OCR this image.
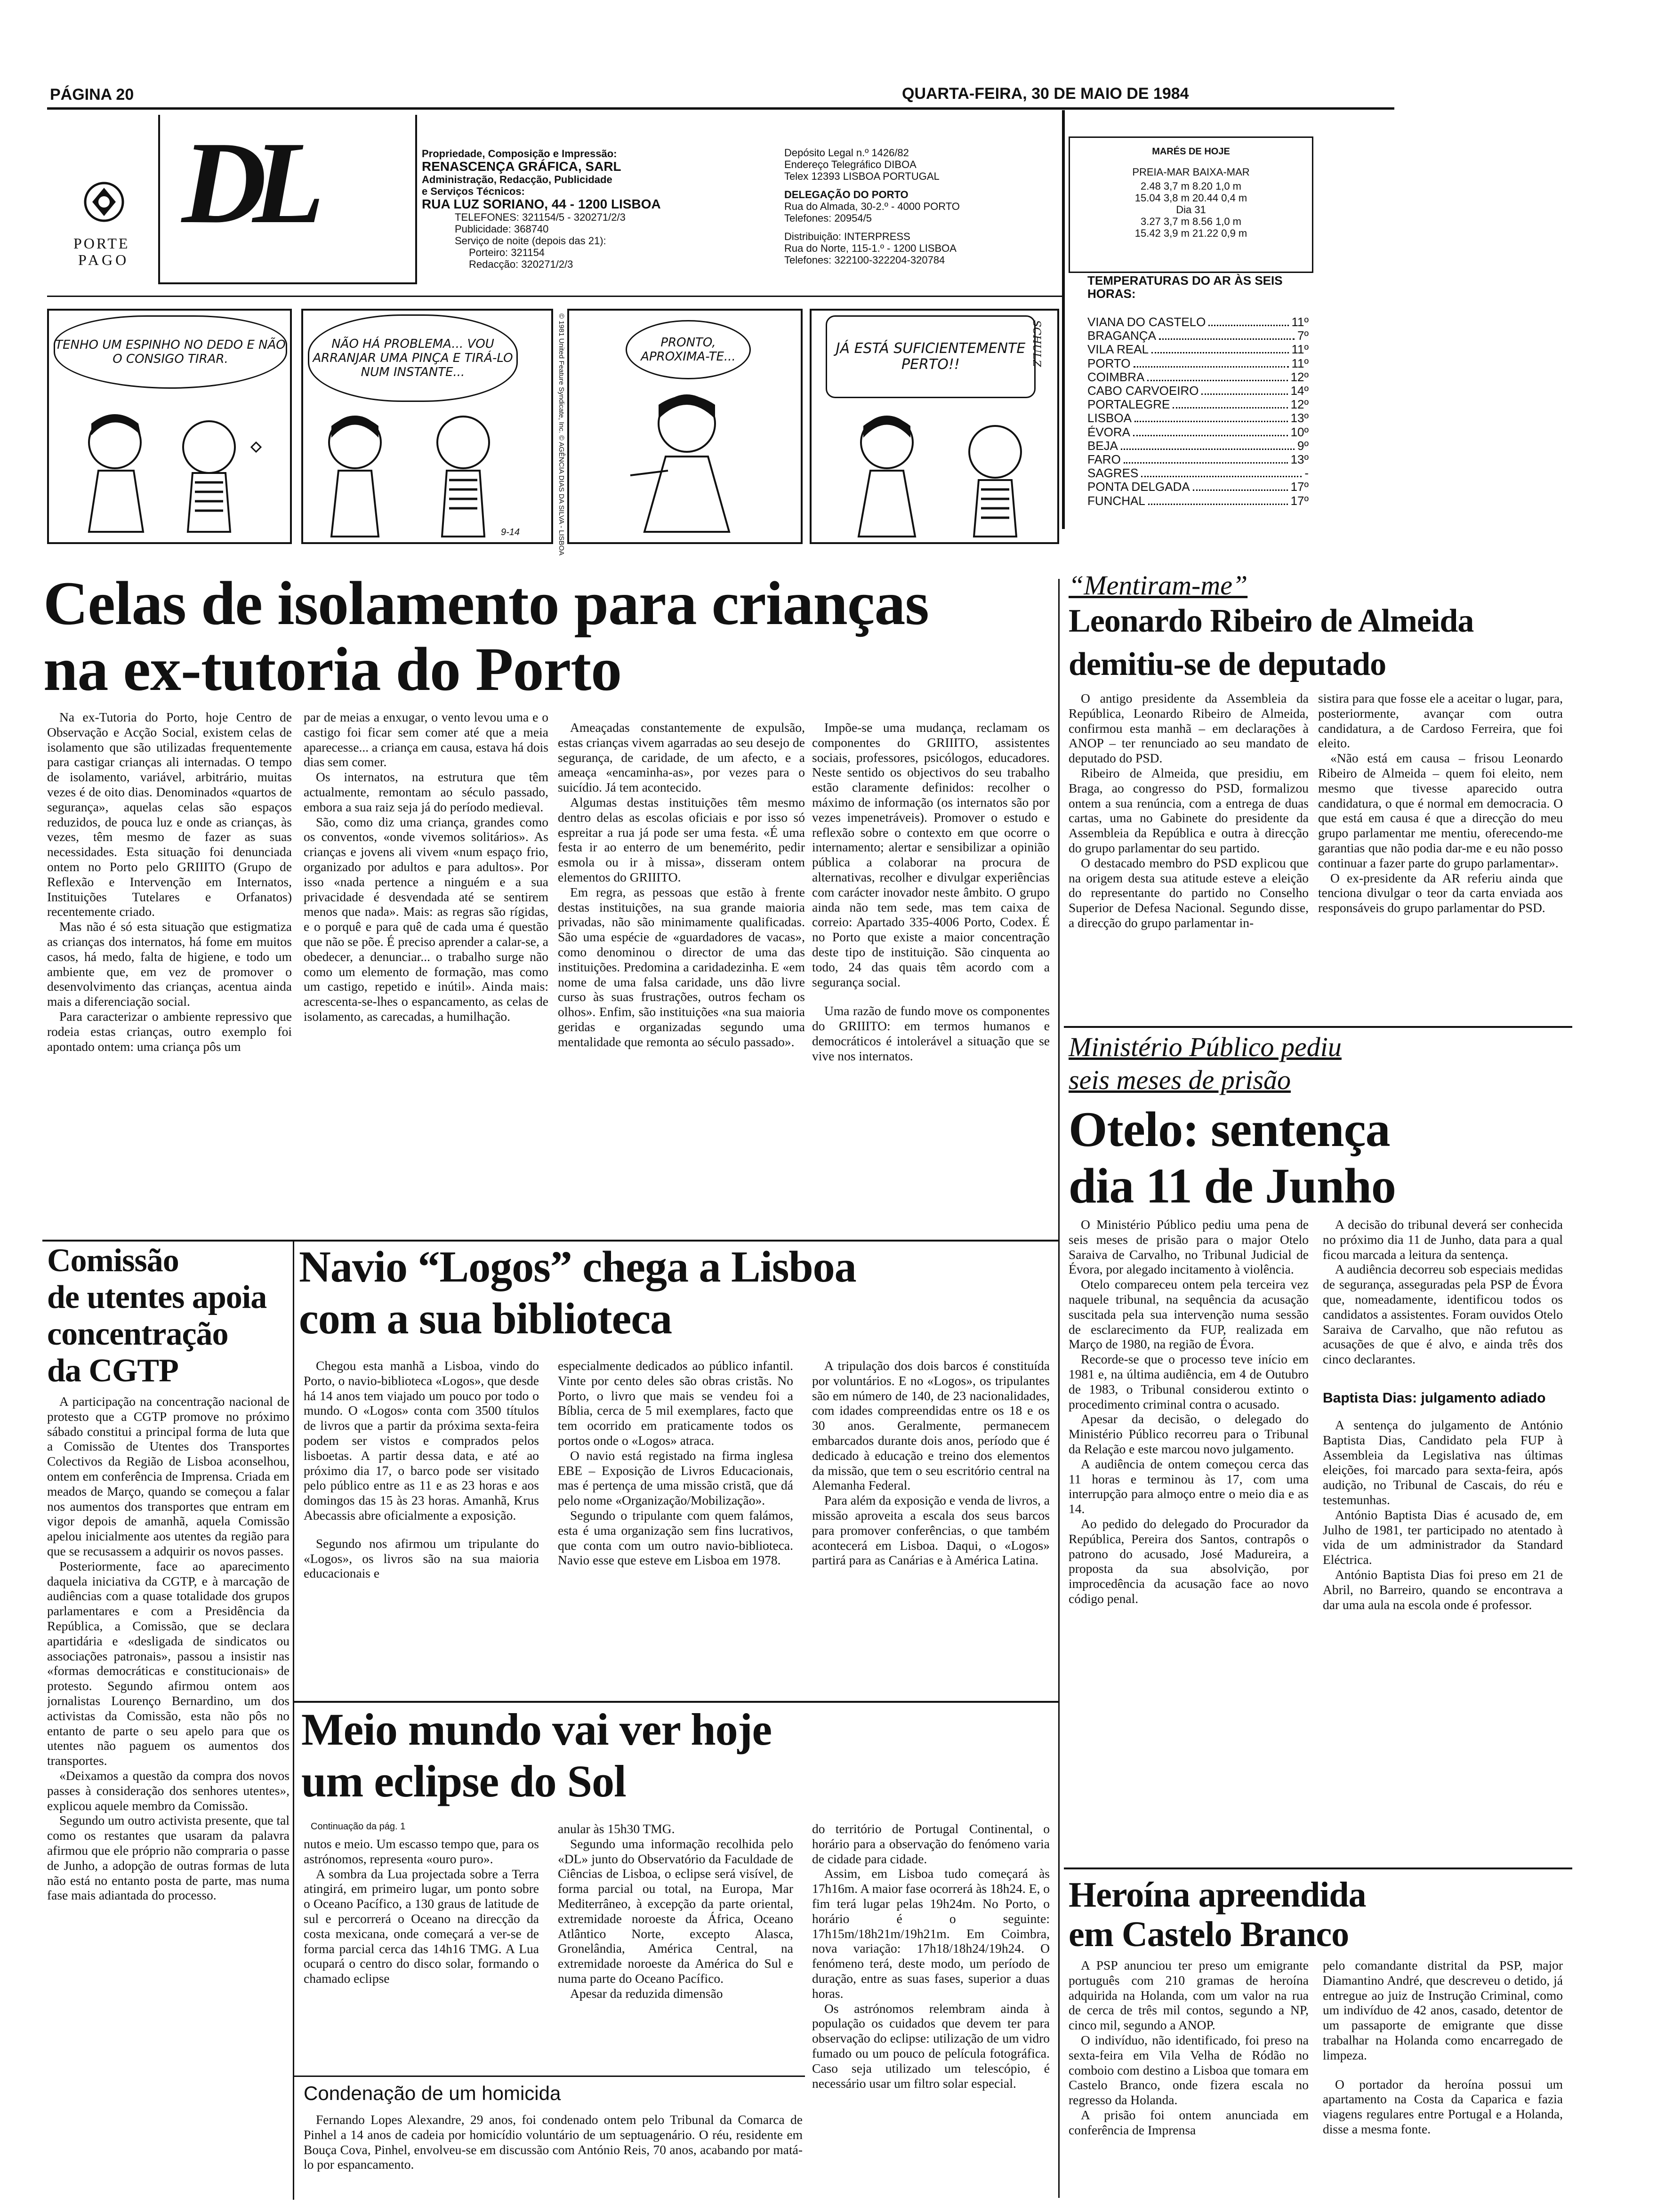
PÁGINA 20	QUARTA-FEIRA, 30 DE MAIO DE 1984
DL
PORTE
PAGO
Propriedade, Composição e Impressão:
RENASCENÇA GRÁFICA, SARL
Administração, Redacção, Publicidade
e Serviços Técnicos:
RUA LUZ SORIANO, 44 - 1200 LISBOA
TELEFONES: 321154/5 - 320271/2/3
Publicidade: 368740
Serviço de noite (depois das 21):
Porteiro: 321154
Redacção: 320271/2/3
Depósito Legal n.º 1426/82
Endereço Telegráfico DIBOA
Telex 12393 LISBOA PORTUGAL
DELEGAÇÃO DO PORTO
Rua do Almada, 30-2.º - 4000 PORTO
Telefones: 20954/5
Distribuição: INTERPRESS
Rua do Norte, 115-1.º - 1200 LISBOA
Telefones: 322100-322204-320784
MARÉS DE HOJE
PREIA-MAR BAIXA-MAR
2.48 3,7 m 8.20 1,0 m
15.04 3,8 m 20.44 0,4 m
Dia 31
3.27 3,7 m 8.56 1,0 m
15.42 3,9 m 21.22 0,9 m
TEMPERATURAS DO AR ÀS SEIS HORAS:
VIANA DO CASTELO	11º
BRAGANÇA	7º
VILA REAL	11º
PORTO	11º
COIMBRA	12º
CABO CARVOEIRO	14º
PORTALEGRE	12º
LISBOA	13º
ÉVORA	10º
BEJA	9º
FARO	13º
SAGRES	-
PONTA DELGADA	17º
FUNCHAL	17º
TENHO UM ESPINHO NO DEDO E NÃO O CONSIGO TIRAR.
NÃO HÁ PROBLEMA... VOU ARRANJAR UMA PINÇA E TIRÁ-LO NUM INSTANTE...
9-14	© 1981 United Feature Syndicate, Inc. © AGÊNCIA DIAS DA SILVA - LISBOA	PRONTO, APROXIMA-TE...	JÁ ESTÁ SUFICIENTEMENTE PERTO!!	SCHULZ
Celas de isolamento para crianças
na ex-tutoria do Porto

Na ex-Tutoria do Porto, hoje Centro de Observação e Acção Social, existem celas de isolamento que são utilizadas frequentemente para castigar crianças ali internadas. O tempo de isolamento, variável, arbitrário, muitas vezes é de oito dias. Denominados «quartos de segurança», aquelas celas são espaços reduzidos, de pouca luz e onde as crianças, às vezes, têm mesmo de fazer as suas necessidades. Esta situação foi denunciada ontem no Porto pelo GRIIITO (Grupo de Reflexão e Intervenção em Internatos, Instituições Tutelares e Orfanatos) recentemente criado.

Mas não é só esta situação que estigmatiza as crianças dos internatos, há fome em muitos casos, há medo, falta de higiene, e todo um ambiente que, em vez de promover o desenvolvimento das crianças, acentua ainda mais a diferenciação social.

Para caracterizar o ambiente repressivo que rodeia estas crianças, outro exemplo foi apontado ontem: uma criança pôs um

par de meias a enxugar, o vento levou uma e o castigo foi ficar sem comer até que a meia aparecesse... a criança em causa, estava há dois dias sem comer.

Os internatos, na estrutura que têm actualmente, remontam ao século passado, embora a sua raiz seja já do período medieval.

São, como diz uma criança, grandes como os conventos, «onde vivemos solitários». As crianças e jovens ali vivem «num espaço frio, organizado por adultos e para adultos». Por isso «nada pertence a ninguém e a sua privacidade é desvendada até se sentirem menos que nada». Mais: as regras são rígidas, e o porquê e para quê de cada uma é questão que não se põe. É preciso aprender a calar-se, a obedecer, a denunciar... o trabalho surge não como um elemento de formação, mas como um castigo, repetido e inútil». Ainda mais: acrescenta-se-lhes o espancamento, as celas de isolamento, as carecadas, a humilhação.

Ameaçadas constantemente de expulsão, estas crianças vivem agarradas ao seu desejo de segurança, de caridade, de um afecto, e a ameaça «encaminha-as», por vezes para o suicídio. Já tem acontecido.

Algumas destas instituições têm mesmo dentro delas as escolas oficiais e por isso só espreitar a rua já pode ser uma festa. «É uma festa ir ao enterro de um benemérito, pedir esmola ou ir à missa», disseram ontem elementos do GRIIITO.

Em regra, as pessoas que estão à frente destas instituições, na sua grande maioria privadas, não são minimamente qualificadas. São uma espécie de «guardadores de vacas», como denominou o director de uma das instituições. Predomina a caridadezinha. E «em nome de uma falsa caridade, uns dão livre curso às suas frustrações, outros fecham os olhos». Enfim, são instituições «na sua maioria geridas e organizadas segundo uma mentalidade que remonta ao século passado».

Impõe-se uma mudança, reclamam os componentes do GRIIITO, assistentes sociais, professores, psicólogos, educadores. Neste sentido os objectivos do seu trabalho estão claramente definidos: recolher o máximo de informação (os internatos são por vezes impenetráveis). Promover o estudo e reflexão sobre o contexto em que ocorre o internamento; alertar e sensibilizar a opinião pública a colaborar na procura de alternativas, recolher e divulgar experiências com carácter inovador neste âmbito. O grupo ainda não tem sede, mas tem caixa de correio: Apartado 335-4006 Porto, Codex. É no Porto que existe a maior concentração deste tipo de instituição. São cinquenta ao todo, 24 das quais têm acordo com a segurança social.

Uma razão de fundo move os componentes do GRIIITO: em termos humanos e democráticos é intolerável a situação que se vive nos internatos.

“Mentiram-me”
Leonardo Ribeiro de Almeida
demitiu-se de deputado

O antigo presidente da Assembleia da República, Leonardo Ribeiro de Almeida, confirmou esta manhã – em declarações à ANOP – ter renunciado ao seu mandato de deputado do PSD.

Ribeiro de Almeida, que presidiu, em Braga, ao congresso do PSD, formalizou ontem a sua renúncia, com a entrega de duas cartas, uma no Gabinete do presidente da Assembleia da República e outra à direcção do grupo parlamentar do seu partido.

O destacado membro do PSD explicou que na origem desta sua atitude esteve a eleição do representante do partido no Conselho Superior de Defesa Nacional. Segundo disse, a direcção do grupo parlamentar in-

sistira para que fosse ele a aceitar o lugar, para, posteriormente, avançar com outra candidatura, a de Cardoso Ferreira, que foi eleito.

«Não está em causa – frisou Leonardo Ribeiro de Almeida – quem foi eleito, nem mesmo que tivesse aparecido outra candidatura, o que é normal em democracia. O que está em causa é que a direcção do meu grupo parlamentar me mentiu, oferecendo-me garantias que não podia dar-me e eu não posso continuar a fazer parte do grupo parlamentar».

O ex-presidente da AR referiu ainda que tenciona divulgar o teor da carta enviada aos responsáveis do grupo parlamentar do PSD.

Ministério Público pediu
seis meses de prisão
Otelo: sentença
dia 11 de Junho

O Ministério Público pediu uma pena de seis meses de prisão para o major Otelo Saraiva de Carvalho, no Tribunal Judicial de Évora, por alegado incitamento à violência.

Otelo compareceu ontem pela terceira vez naquele tribunal, na sequência da acusação suscitada pela sua intervenção numa sessão de esclarecimento da FUP, realizada em Março de 1980, na região de Évora.

Recorde-se que o processo teve início em 1981 e, na última audiência, em 4 de Outubro de 1983, o Tribunal considerou extinto o procedimento criminal contra o acusado.

Apesar da decisão, o delegado do Ministério Público recorreu para o Tribunal da Relação e este marcou novo julgamento.

A audiência de ontem começou cerca das 11 horas e terminou às 17, com uma interrupção para almoço entre o meio dia e as 14.

Ao pedido do delegado do Procurador da República, Pereira dos Santos, contrapôs o patrono do acusado, José Madureira, a proposta da sua absolvição, por improcedência da acusação face ao novo código penal.

A decisão do tribunal deverá ser conhecida no próximo dia 11 de Junho, data para a qual ficou marcada a leitura da sentença.

A audiência decorreu sob especiais medidas de segurança, asseguradas pela PSP de Évora que, nomeadamente, identificou todos os candidatos a assistentes. Foram ouvidos Otelo Saraiva de Carvalho, que não refutou as acusações de que é alvo, e ainda três dos cinco declarantes.

Baptista Dias: julgamento adiado

A sentença do julgamento de António Baptista Dias, Candidato pela FUP à Assembleia da Legislativa nas últimas eleições, foi marcado para sexta-feira, após audição, no Tribunal de Cascais, do réu e testemunhas.

António Baptista Dias é acusado de, em Julho de 1981, ter participado no atentado à vida de um administrador da Standard Eléctrica.

António Baptista Dias foi preso em 21 de Abril, no Barreiro, quando se encontrava a dar uma aula na escola onde é professor.

Heroína apreendida
em Castelo Branco

A PSP anunciou ter preso um emigrante português com 210 gramas de heroína adquirida na Holanda, com um valor na rua de cerca de três mil contos, segundo a NP, cinco mil, segundo a ANOP.

O indivíduo, não identificado, foi preso na sexta-feira em Vila Velha de Ródão no comboio com destino a Lisboa que tomara em Castelo Branco, onde fizera escala no regresso da Holanda.

A prisão foi ontem anunciada em conferência de Imprensa

pelo comandante distrital da PSP, major Diamantino André, que descreveu o detido, já entregue ao juiz de Instrução Criminal, como um indivíduo de 42 anos, casado, detentor de um passaporte de emigrante que disse trabalhar na Holanda como encarregado de limpeza.

O portador da heroína possui um apartamento na Costa da Caparica e fazia viagens regulares entre Portugal e a Holanda, disse a mesma fonte.

Comissão
de utentes apoia
concentração
da CGTP

A participação na concentração nacional de protesto que a CGTP promove no próximo sábado constitui a principal forma de luta que a Comissão de Utentes dos Transportes Colectivos da Região de Lisboa aconselhou, ontem em conferência de Imprensa. Criada em meados de Março, quando se começou a falar nos aumentos dos transportes que entram em vigor depois de amanhã, aquela Comissão apelou inicialmente aos utentes da região para que se recusassem a adquirir os novos passes.

Posteriormente, face ao aparecimento daquela iniciativa da CGTP, e à marcação de audiências com a quase totalidade dos grupos parlamentares e com a Presidência da República, a Comissão, que se declara apartidária e «desligada de sindicatos ou associações patronais», passou a insistir nas «formas democráticas e constitucionais» de protesto. Segundo afirmou ontem aos jornalistas Lourenço Bernardino, um dos activistas da Comissão, esta não pôs no entanto de parte o seu apelo para que os utentes não paguem os aumentos dos transportes.

«Deixamos a questão da compra dos novos passes à consideração dos senhores utentes», explicou aquele membro da Comissão.

Segundo um outro activista presente, que tal como os restantes que usaram da palavra afirmou que ele próprio não compraria o passe de Junho, a adopção de outras formas de luta não está no entanto posta de parte, mas numa fase mais adiantada do processo.

Navio “Logos” chega a Lisboa
com a sua biblioteca

Chegou esta manhã a Lisboa, vindo do Porto, o navio-biblioteca «Logos», que desde há 14 anos tem viajado um pouco por todo o mundo. O «Logos» conta com 3500 títulos de livros que a partir da próxima sexta-feira podem ser vistos e comprados pelos lisboetas. A partir dessa data, e até ao próximo dia 17, o barco pode ser visitado pelo público entre as 11 e as 23 horas e aos domingos das 15 às 23 horas. Amanhã, Krus Abecassis abre oficialmente a exposição.

Segundo nos afirmou um tripulante do «Logos», os livros são na sua maioria educacionais e

especialmente dedicados ao público infantil. Vinte por cento deles são obras cristãs. No Porto, o livro que mais se vendeu foi a Bíblia, cerca de 5 mil exemplares, facto que tem ocorrido em praticamente todos os portos onde o «Logos» atraca.

O navio está registado na firma inglesa EBE – Exposição de Livros Educacionais, mas é pertença de uma missão cristã, que dá pelo nome «Organização/Mobilização».

Segundo o tripulante com quem falámos, esta é uma organização sem fins lucrativos, que conta com um outro navio-biblioteca. Navio esse que esteve em Lisboa em 1978.

A tripulação dos dois barcos é constituída por voluntários. E no «Logos», os tripulantes são em número de 140, de 23 nacionalidades, com idades compreendidas entre os 18 e os 30 anos. Geralmente, permanecem embarcados durante dois anos, período que é dedicado à educação e treino dos elementos da missão, que tem o seu escritório central na Alemanha Federal.

Para além da exposição e venda de livros, a missão aproveita a escala dos seus barcos para promover conferências, o que também acontecerá em Lisboa. Daqui, o «Logos» partirá para as Canárias e à América Latina.

Meio mundo vai ver hoje
um eclipse do Sol
Continuação da pág. 1

nutos e meio. Um escasso tempo que, para os astrónomos, representa «ouro puro».

A sombra da Lua projectada sobre a Terra atingirá, em primeiro lugar, um ponto sobre o Oceano Pacífico, a 130 graus de latitude de sul e percorrerá o Oceano na direcção da costa mexicana, onde começará a ver-se de forma parcial cerca das 14h16 TMG. A Lua ocupará o centro do disco solar, formando o chamado eclipse

anular às 15h30 TMG.

Segundo uma informação recolhida pelo «DL» junto do Observatório da Faculdade de Ciências de Lisboa, o eclipse será visível, de forma parcial ou total, na Europa, Mar Mediterrâneo, à excepção da parte oriental, extremidade noroeste da África, Oceano Atlântico Norte, excepto Alasca, Gronelândia, América Central, na extremidade noroeste da América do Sul e numa parte do Oceano Pacífico.

Apesar da reduzida dimensão

do território de Portugal Continental, o horário para a observação do fenómeno varia de cidade para cidade.

Assim, em Lisboa tudo começará às 17h16m. A maior fase ocorrerá às 18h24. E, o fim terá lugar pelas 19h24m. No Porto, o horário é o seguinte: 17h15m/18h21m/19h21m. Em Coimbra, nova variação: 17h18/18h24/19h24. O fenómeno terá, deste modo, um período de duração, entre as suas fases, superior a duas horas.

Os astrónomos relembram ainda à população os cuidados que devem ter para observação do eclipse: utilização de um vidro fumado ou um pouco de película fotográfica. Caso seja utilizado um telescópio, é necessário usar um filtro solar especial.

Condenação de um homicida

Fernando Lopes Alexandre, 29 anos, foi condenado ontem pelo Tribunal da Comarca de Pinhel a 14 anos de cadeia por homicídio voluntário de um septuagenário. O réu, residente em Bouça Cova, Pinhel, envolveu-se em discussão com António Reis, 70 anos, acabando por matá-lo por espancamento.
